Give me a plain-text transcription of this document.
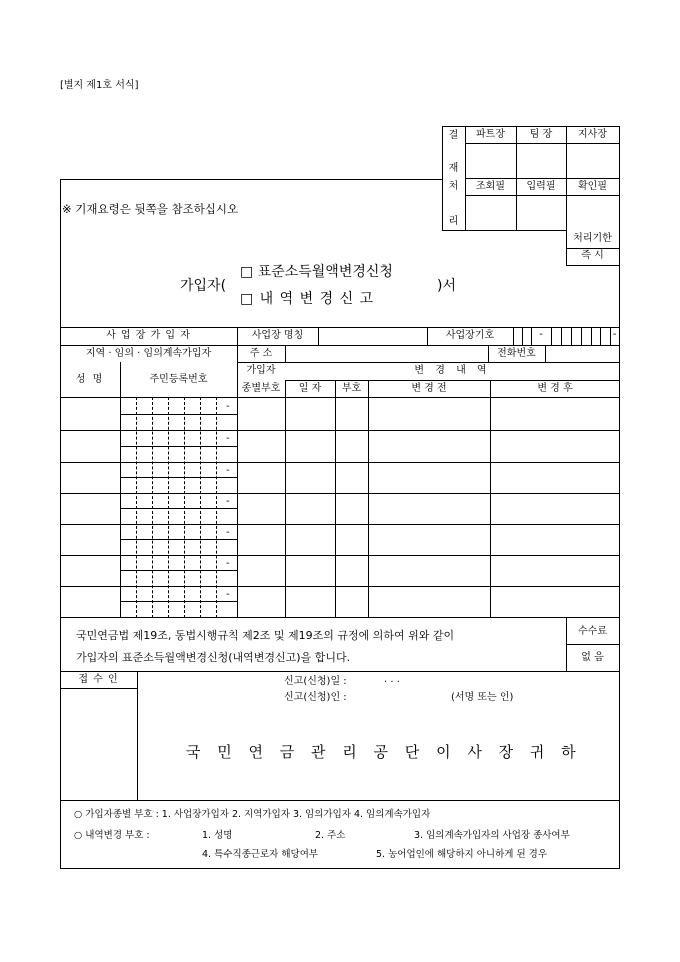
[별지 제1호 서식]
결
재
처
리
파트장	팀 장	지사장
조회필	입력필	확인필
※ 기재요령은 뒷쪽을 참조하십시오
처리기한
즉 시
가입자(
□ 표준소득월액변경신청
□ 내 역 변 경 신 고
)서
사 업 장 가 입 자	사업장 명칭	사업장기호	-	-
지역 · 임의 · 임의계속가입자	주 소	전화번호
성 명	주민등록번호
가입자
종별부호
변 경 내 역
일 자	부호	변 경 전	변 경 후
-
-
-
-
-
-
-
국민연금법 제19조, 동법시행규칙 제2조 및 제19조의 규정에 의하여 위와 같이
가입자의 표준소득월액변경신청(내역변경신고)을 합니다.
수수료
없 음
접 수 인	신고(신청)일 :	. . .
신고(신청)인 :	(서명 또는 인)
국 민 연 금 관 리 공 단 이 사 장 귀 하
○ 가입자종별 부호 : 1. 사업장가입자 2. 지역가입자 3. 임의가입자 4. 임의계속가입자
○ 내역변경 부호 :	1. 성명	2. 주소	3. 임의계속가입자의 사업장 종사여부
4. 특수직종근로자 해당여부	5. 농어업인에 해당하지 아니하게 된 경우
